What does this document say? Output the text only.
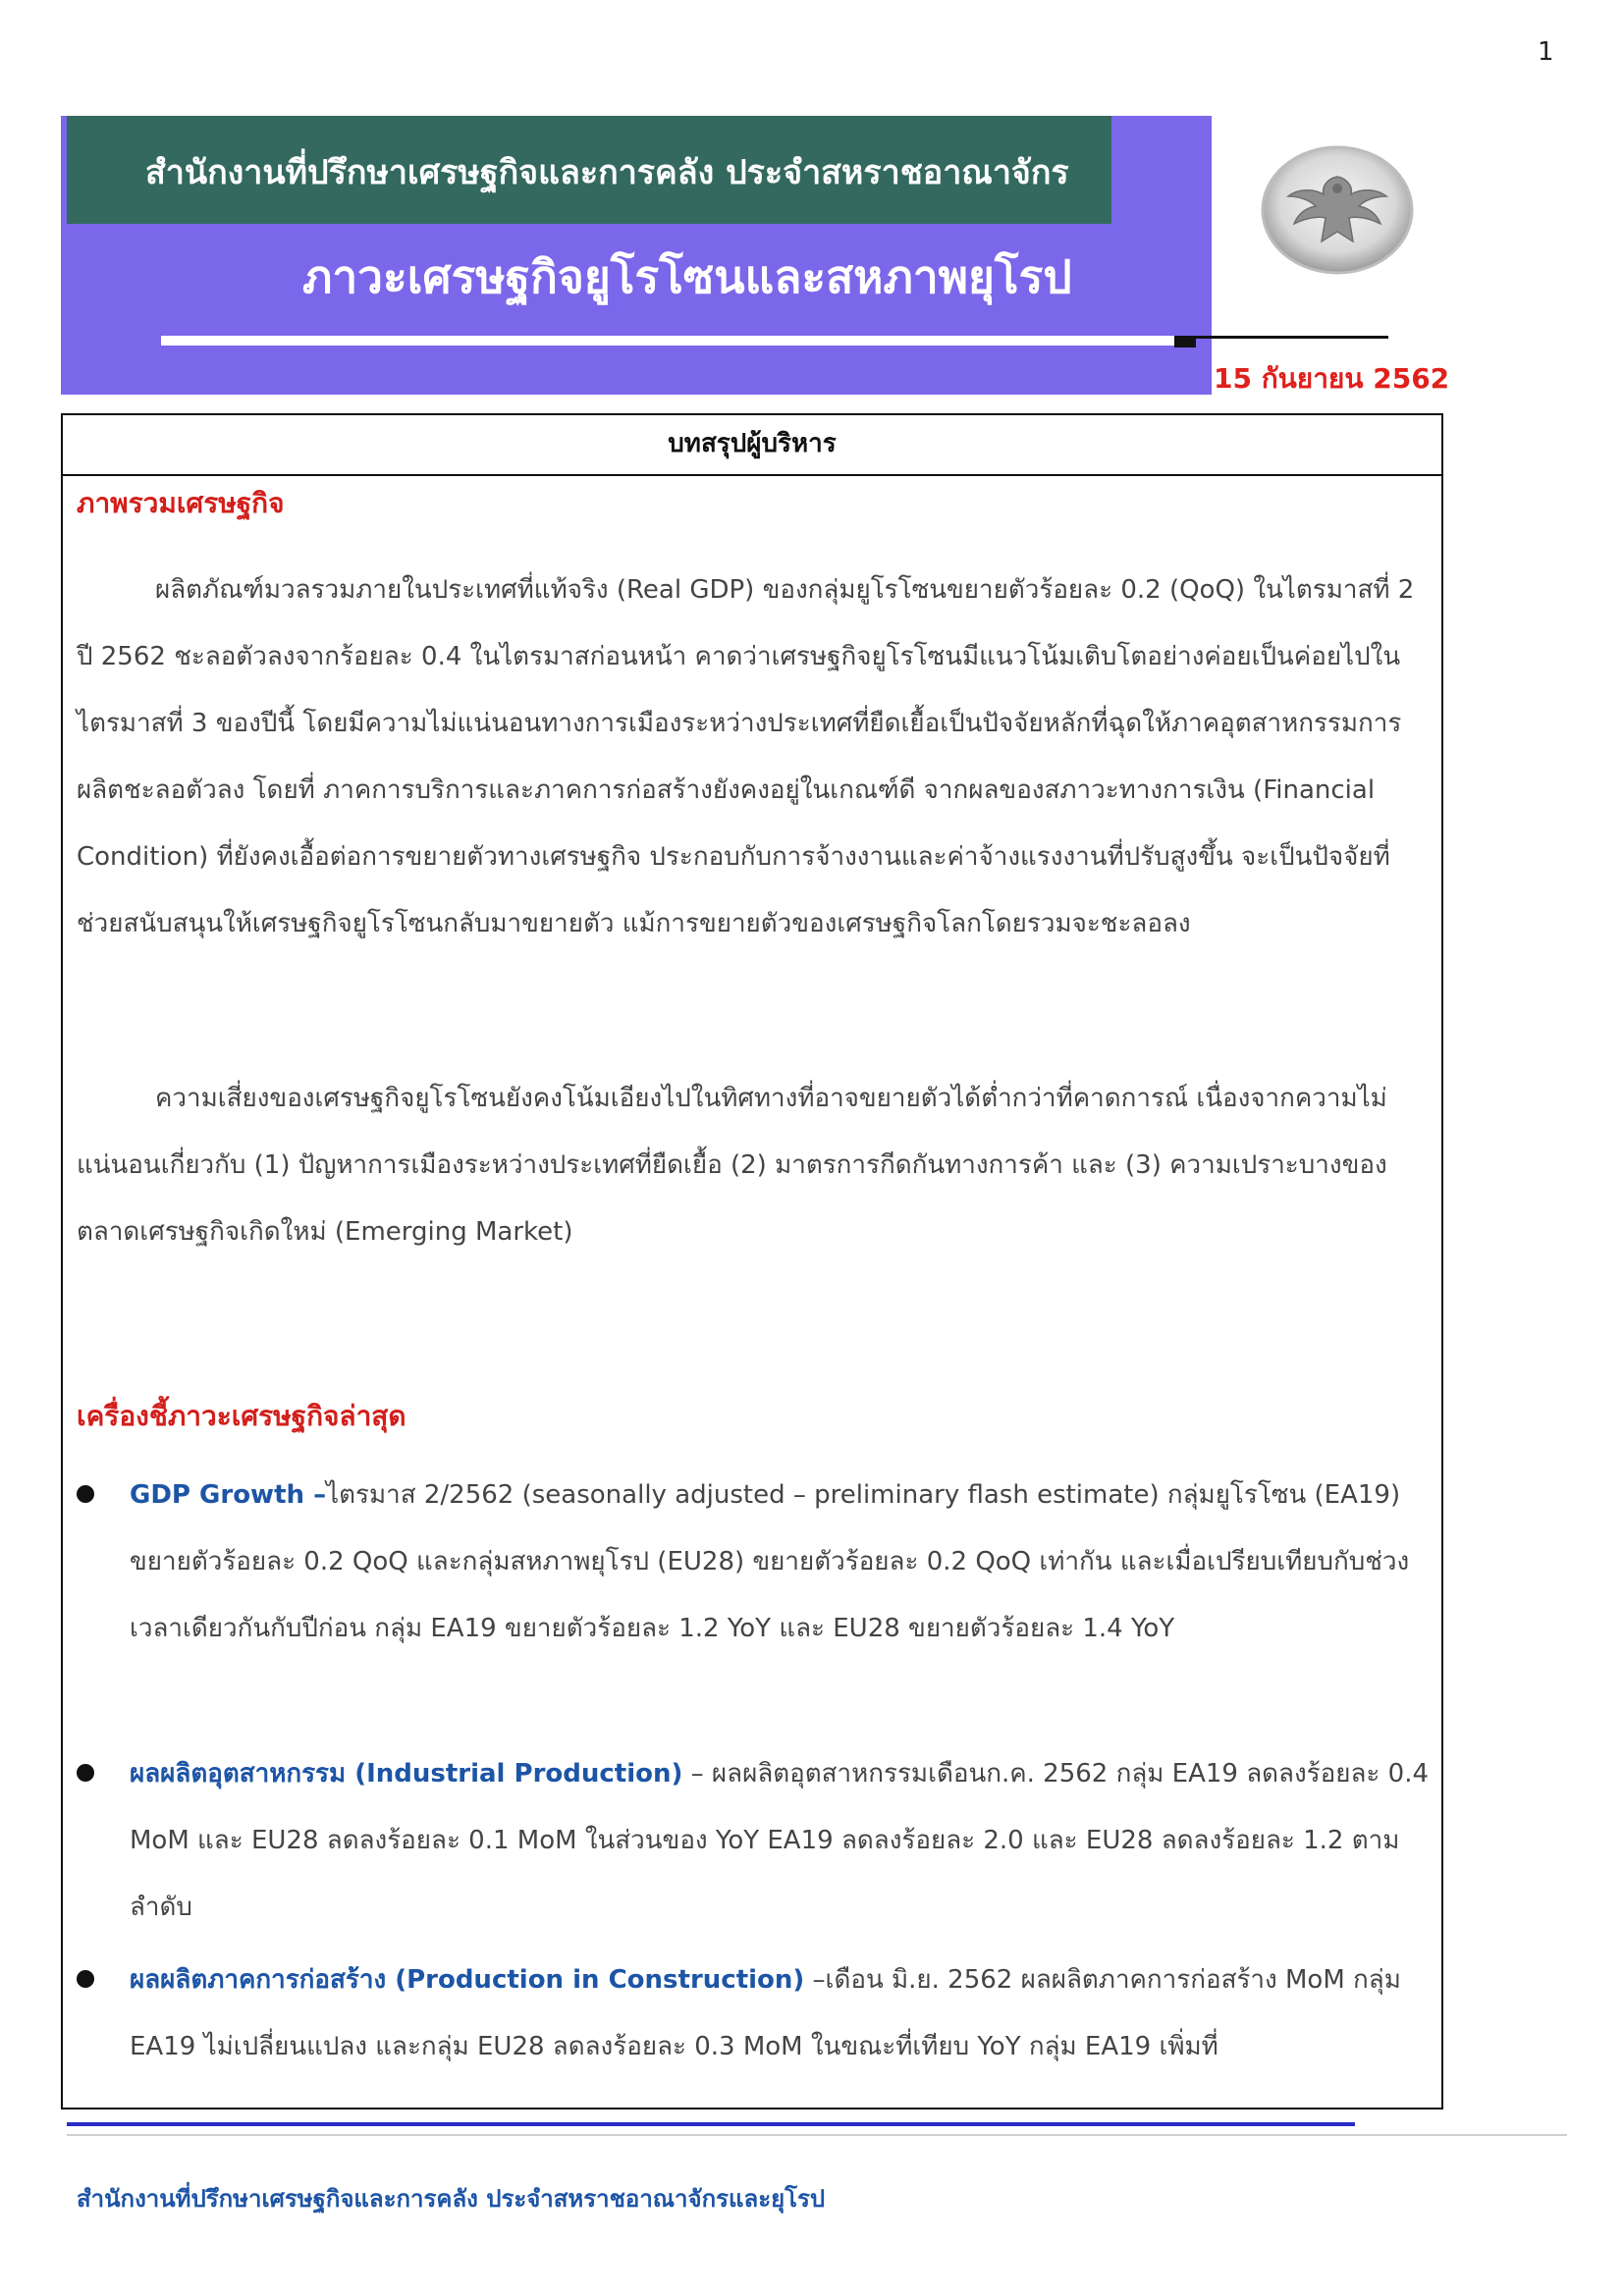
1
สำนักงานที่ปรึกษาเศรษฐกิจและการคลัง ประจำสหราชอาณาจักร
ภาวะเศรษฐกิจยูโรโซนและสหภาพยุโรป
15 กันยายน 2562
บทสรุปผู้บริหาร
ภาพรวมเศรษฐกิจ

ผลิตภัณฑ์มวลรวมภายในประเทศที่แท้จริง (Real GDP) ของกลุ่มยูโรโซนขยายตัวร้อยละ 0.2 (QoQ) ในไตรมาสที่ 2 ปี 2562 ชะลอตัวลงจากร้อยละ 0.4 ในไตรมาสก่อนหน้า คาดว่าเศรษฐกิจยูโรโซนมีแนวโน้มเติบโตอย่างค่อยเป็นค่อยไปในไตรมาสที่ 3 ของปีนี้ โดยมีความไม่แน่นอนทางการเมืองระหว่างประเทศที่ยืดเยื้อเป็นปัจจัยหลักที่ฉุดให้ภาคอุตสาหกรรมการผลิตชะลอตัวลง โดยที่ ภาคการบริการและภาคการก่อสร้างยังคงอยู่ในเกณฑ์ดี จากผลของสภาวะทางการเงิน (Financial Condition) ที่ยังคงเอื้อต่อการขยายตัวทางเศรษฐกิจ ประกอบกับการจ้างงานและค่าจ้างแรงงานที่ปรับสูงขึ้น จะเป็นปัจจัยที่ช่วยสนับสนุนให้เศรษฐกิจยูโรโซนกลับมาขยายตัว แม้การขยายตัวของเศรษฐกิจโลกโดยรวมจะชะลอลง

ความเสี่ยงของเศรษฐกิจยูโรโซนยังคงโน้มเอียงไปในทิศทางที่อาจขยายตัวได้ต่ำกว่าที่คาดการณ์ เนื่องจากความไม่แน่นอนเกี่ยวกับ (1) ปัญหาการเมืองระหว่างประเทศที่ยืดเยื้อ (2) มาตรการกีดกันทางการค้า และ (3) ความเปราะบางของตลาดเศรษฐกิจเกิดใหม่ (Emerging Market)

เครื่องชี้ภาวะเศรษฐกิจล่าสุด

GDP Growth –ไตรมาส 2/2562 (seasonally adjusted – preliminary flash estimate) กลุ่มยูโรโซน (EA19) ขยายตัวร้อยละ 0.2 QoQ และกลุ่มสหภาพยุโรป (EU28) ขยายตัวร้อยละ 0.2 QoQ เท่ากัน และเมื่อเปรียบเทียบกับช่วงเวลาเดียวกันกับปีก่อน กลุ่ม EA19 ขยายตัวร้อยละ 1.2 YoY และ EU28 ขยายตัวร้อยละ 1.4 YoY

ผลผลิตอุตสาหกรรม (Industrial Production) – ผลผลิตอุตสาหกรรมเดือนก.ค. 2562 กลุ่ม EA19 ลดลงร้อยละ 0.4 MoM และ EU28 ลดลงร้อยละ 0.1 MoM ในส่วนของ YoY EA19 ลดลงร้อยละ 2.0 และ EU28 ลดลงร้อยละ 1.2 ตามลำดับ

ผลผลิตภาคการก่อสร้าง (Production in Construction) –เดือน มิ.ย. 2562 ผลผลิตภาคการก่อสร้าง MoM กลุ่ม EA19 ไม่เปลี่ยนแปลง และกลุ่ม EU28 ลดลงร้อยละ 0.3 MoM ในขณะที่เทียบ YoY กลุ่ม EA19 เพิ่มที่

สำนักงานที่ปรึกษาเศรษฐกิจและการคลัง ประจำสหราชอาณาจักรและยุโรป
